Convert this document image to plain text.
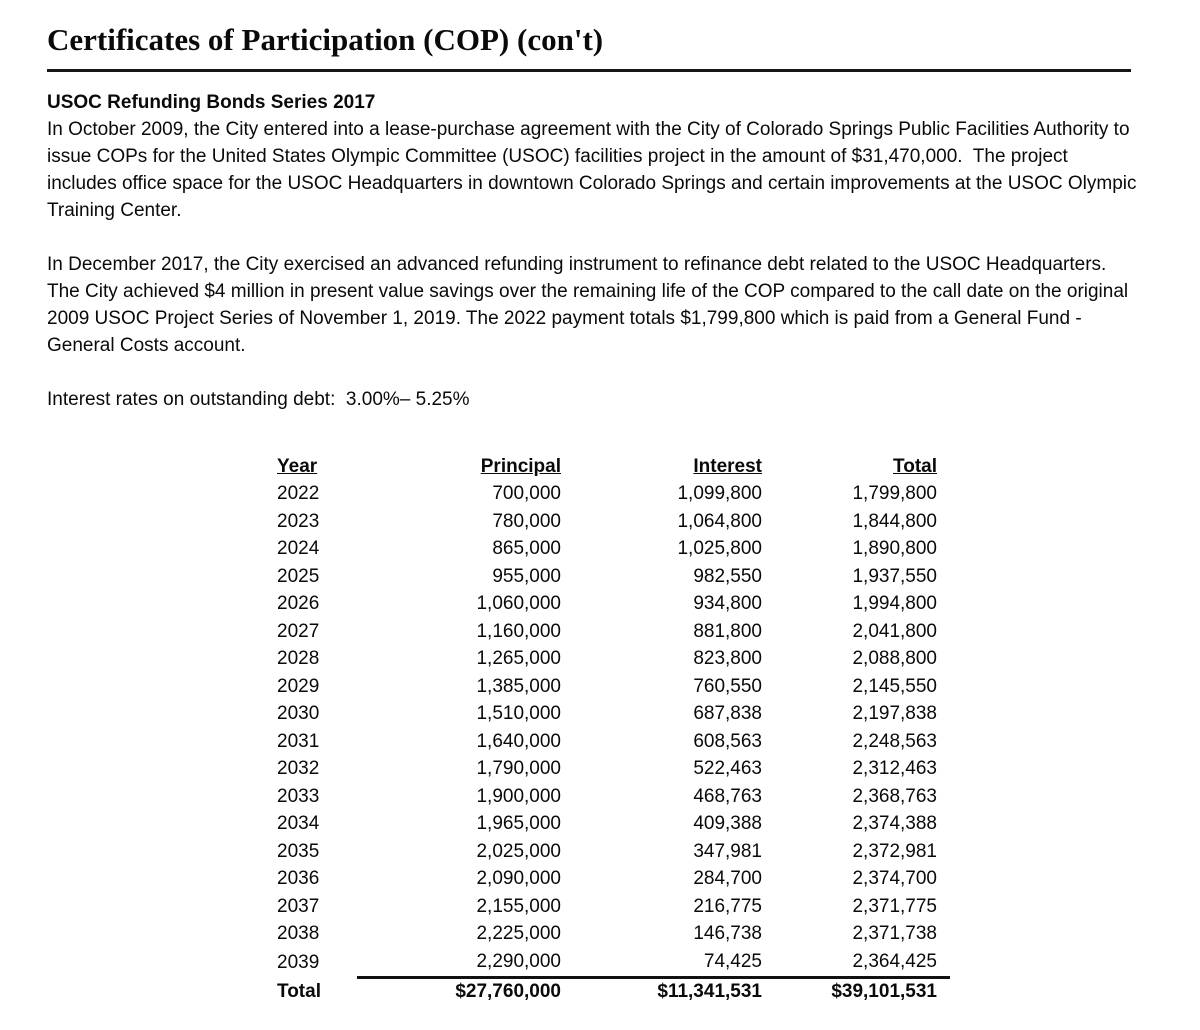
Certificates of Participation (COP) (con't)
USOC Refunding Bonds Series 2017

In October 2009, the City entered into a lease-purchase agreement with the City of Colorado Springs Public Facilities Authority to issue COPs for the United States Olympic Committee (USOC) facilities project in the amount of $31,470,000.  The project includes office space for the USOC Headquarters in downtown Colorado Springs and certain improvements at the USOC Olympic Training Center.

In December 2017, the City exercised an advanced refunding instrument to refinance debt related to the USOC Headquarters. The City achieved $4 million in present value savings over the remaining life of the COP compared to the call date on the original 2009 USOC Project Series of November 1, 2019. The 2022 payment totals $1,799,800 which is paid from a General Fund - General Costs account.

Interest rates on outstanding debt:  3.00%– 5.25%

Year	Principal	Interest	Total
2022	700,000	1,099,800	1,799,800
2023	780,000	1,064,800	1,844,800
2024	865,000	1,025,800	1,890,800
2025	955,000	982,550	1,937,550
2026	1,060,000	934,800	1,994,800
2027	1,160,000	881,800	2,041,800
2028	1,265,000	823,800	2,088,800
2029	1,385,000	760,550	2,145,550
2030	1,510,000	687,838	2,197,838
2031	1,640,000	608,563	2,248,563
2032	1,790,000	522,463	2,312,463
2033	1,900,000	468,763	2,368,763
2034	1,965,000	409,388	2,374,388
2035	2,025,000	347,981	2,372,981
2036	2,090,000	284,700	2,374,700
2037	2,155,000	216,775	2,371,775
2038	2,225,000	146,738	2,371,738
2039	2,290,000	74,425	2,364,425
Total	$27,760,000	$11,341,531	$39,101,531
